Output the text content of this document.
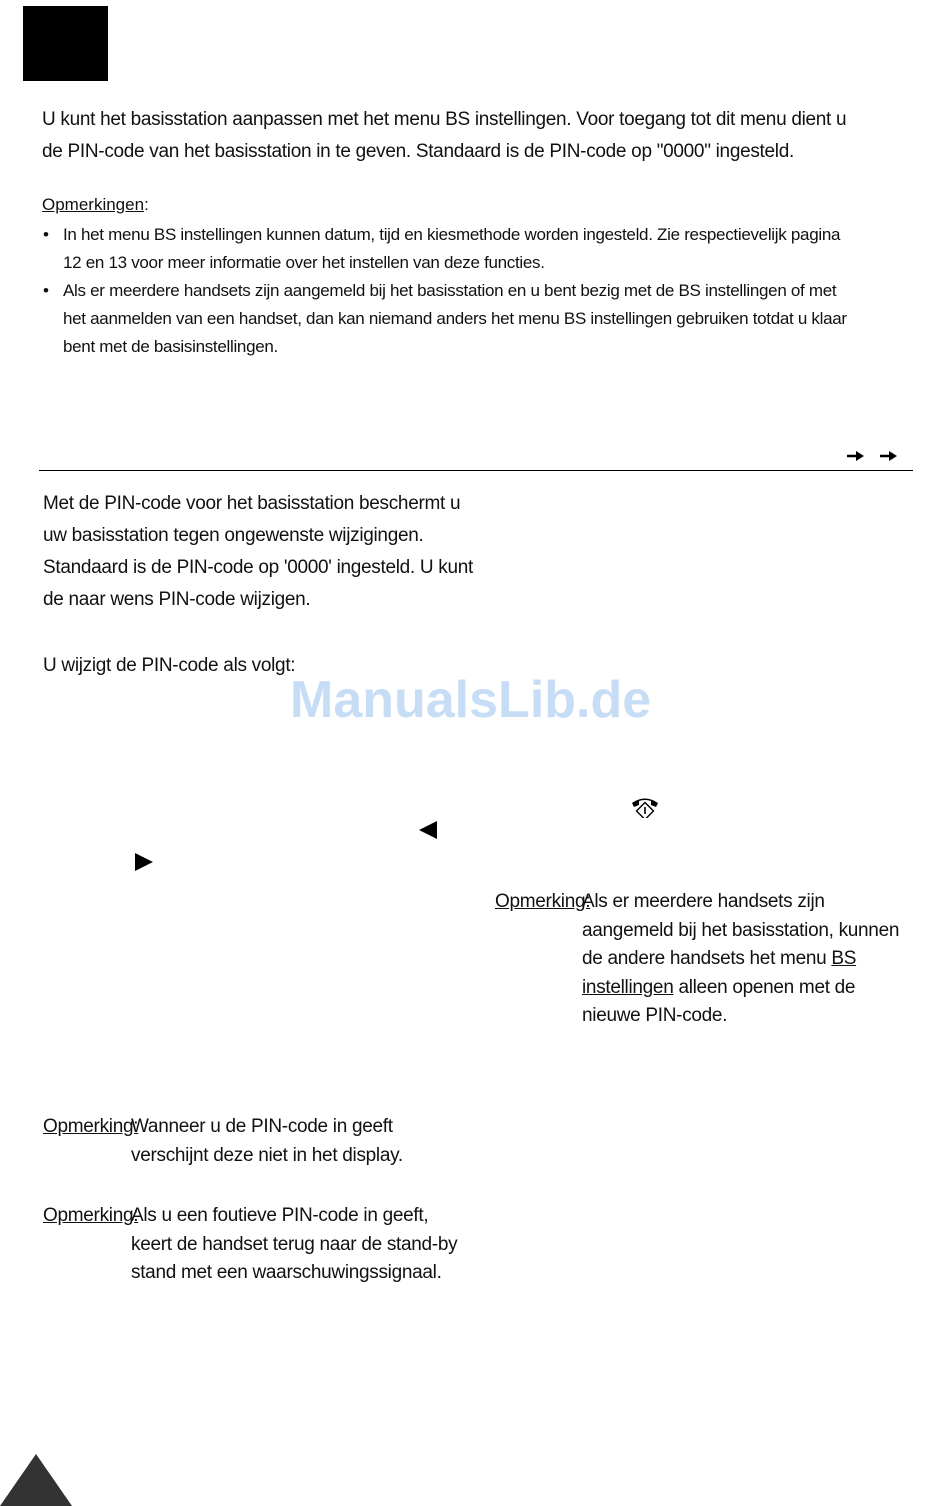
U kunt het basisstation aanpassen met het menu BS instellingen. Voor toegang tot dit menu dient u de PIN-code van het basisstation in te geven. Standaard is de PIN-code op "0000" ingesteld.
Opmerkingen:
• In het menu BS instellingen kunnen datum, tijd en kiesmethode worden ingesteld. Zie respectievelijk pagina 12 en 13 voor meer informatie over het instellen van deze functies.
• Als er meerdere handsets zijn aangemeld bij het basisstation en u bent bezig met de BS instellingen of met het aanmelden van een handset, dan kan niemand anders het menu BS instellingen gebruiken totdat u klaar bent met de basisinstellingen.
Met de PIN-code voor het basisstation beschermt u uw basisstation tegen ongewenste wijzigingen. Standaard is de PIN-code op '0000' ingesteld. U kunt de naar wens PIN-code wijzigen.
U wijzigt de PIN-code als volgt:
ManualsLib.de
Opmerking:
Als er meerdere handsets zijn aangemeld bij het basisstation, kunnen de andere handsets het menu BS instellingen alleen openen met de nieuwe PIN-code.
Opmerking:
Wanneer u de PIN-code in geeft verschijnt deze niet in het display.
Opmerking:
Als u een foutieve PIN-code in geeft, keert de handset terug naar de stand-by stand met een waarschuwingssignaal.
